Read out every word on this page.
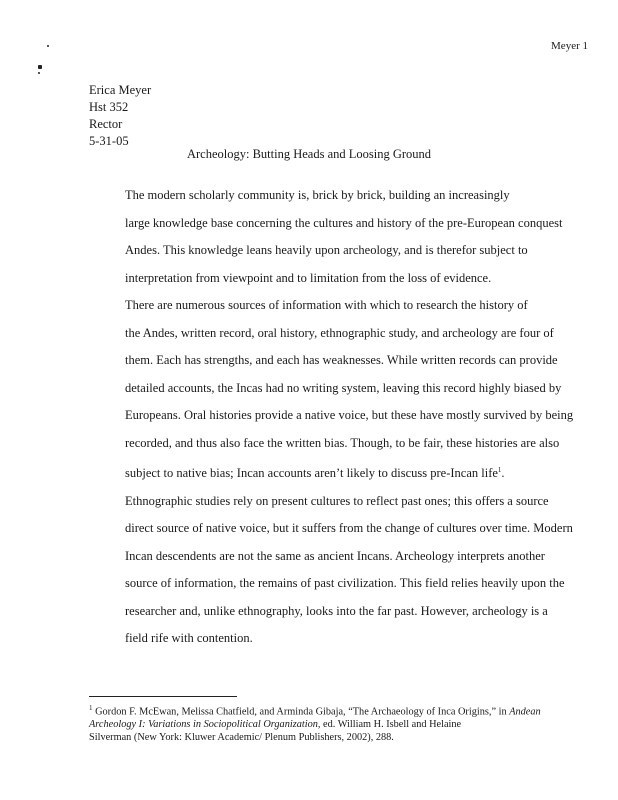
Meyer 1
Erica Meyer
Hst 352
Rector
5-31-05
Archeology: Butting Heads and Loosing Ground

The modern scholarly community is, brick by brick, building an increasingly
large knowledge base concerning the cultures and history of the pre-European conquest
Andes. This knowledge leans heavily upon archeology, and is therefor subject to
interpretation from viewpoint and to limitation from the loss of evidence.

There are numerous sources of information with which to research the history of
the Andes, written record, oral history, ethnographic study, and archeology are four of
them. Each has strengths, and each has weaknesses. While written records can provide
detailed accounts, the Incas had no writing system, leaving this record highly biased by
Europeans. Oral histories provide a native voice, but these have mostly survived by being
recorded, and thus also face the written bias. Though, to be fair, these histories are also
subject to native bias; Incan accounts aren’t likely to discuss pre-Incan life$^1$.
Ethnographic studies rely on present cultures to reflect past ones; this offers a source
direct source of native voice, but it suffers from the change of cultures over time. Modern
Incan descendents are not the same as ancient Incans. Archeology interprets another
source of information, the remains of past civilization. This field relies heavily upon the
researcher and, unlike ethnography, looks into the far past. However, archeology is a
field rife with contention.

$^1$ Gordon F. McEwan, Melissa Chatfield, and Arminda Gibaja, “The Archaeology of Inca Origins,” in Andean Archeology I: Variations in Sociopolitical Organization, ed. William H. Isbell and Helaine
Silverman (New York: Kluwer Academic/ Plenum Publishers, 2002), 288.
